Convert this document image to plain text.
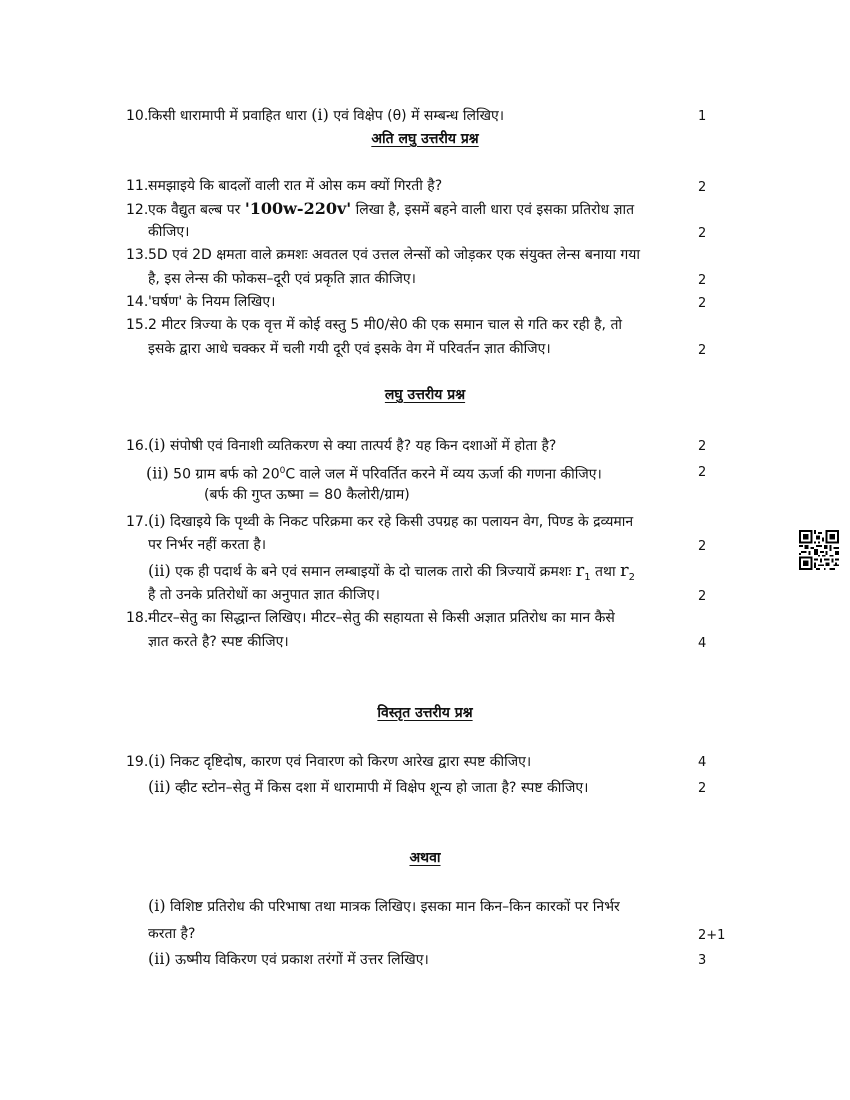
10.किसी धारामापी में प्रवाहित धारा (i) एवं विक्षेप (θ) में सम्बन्ध लिखिए।	1
अति लघु उत्तरीय प्रश्न
11.समझाइये कि बादलों वाली रात में ओस कम क्यों गिरती है?	2
12.एक वैद्युत बल्ब पर '100w-220v' लिखा है, इसमें बहने वाली धारा एवं इसका प्रतिरोध ज्ञात
कीजिए।	2
13.5D एवं 2D क्षमता वाले क्रमशः अवतल एवं उत्तल लेन्सों को जोड़कर एक संयुक्त लेन्स बनाया गया
है, इस लेन्स की फोकस–दूरी एवं प्रकृति ज्ञात कीजिए।	2
14.'घर्षण' के नियम लिखिए।	2
15.2 मीटर त्रिज्या के एक वृत्त में कोई वस्तु 5 मी0/से0 की एक समान चाल से गति कर रही है, तो
इसके द्वारा आधे चक्कर में चली गयी दूरी एवं इसके वेग में परिवर्तन ज्ञात कीजिए।	2
लघु उत्तरीय प्रश्न
16.(i) संपोषी एवं विनाशी व्यतिकरण से क्या तात्पर्य है? यह किन दशाओं में होता है?	2
(ii) 50 ग्राम बर्फ को $20^0C$ वाले जल में परिवर्तित करने में व्यय ऊर्जा की गणना कीजिए।	2
(बर्फ की गुप्त ऊष्मा = 80 कैलोरी/ग्राम)
17.(i) दिखाइये कि पृथ्वी के निकट परिक्रमा कर रहे किसी उपग्रह का पलायन वेग, पिण्ड के द्रव्यमान
पर निर्भर नहीं करता है।	2
(ii) एक ही पदार्थ के बने एवं समान लम्बाइयों के दो चालक तारो की त्रिज्यायें क्रमशः $r_1$ तथा $r_2$
है तो उनके प्रतिरोधों का अनुपात ज्ञात कीजिए।	2
18.मीटर–सेतु का सिद्धान्त लिखिए। मीटर–सेतु की सहायता से किसी अज्ञात प्रतिरोध का मान कैसे
ज्ञात करते है? स्पष्ट कीजिए।	4
विस्तृत उत्तरीय प्रश्न
19.(i) निकट दृष्टिदोष, कारण एवं निवारण को किरण आरेख द्वारा स्पष्ट कीजिए।	4
(ii) व्हीट स्टोन–सेतु में किस दशा में धारामापी में विक्षेप शून्य हो जाता है? स्पष्ट कीजिए।	2
अथवा
(i) विशिष्ट प्रतिरोध की परिभाषा तथा मात्रक लिखिए। इसका मान किन–किन कारकों पर निर्भर
करता है?	2+1
(ii) ऊष्मीय विकिरण एवं प्रकाश तरंगों में उत्तर लिखिए।	3
